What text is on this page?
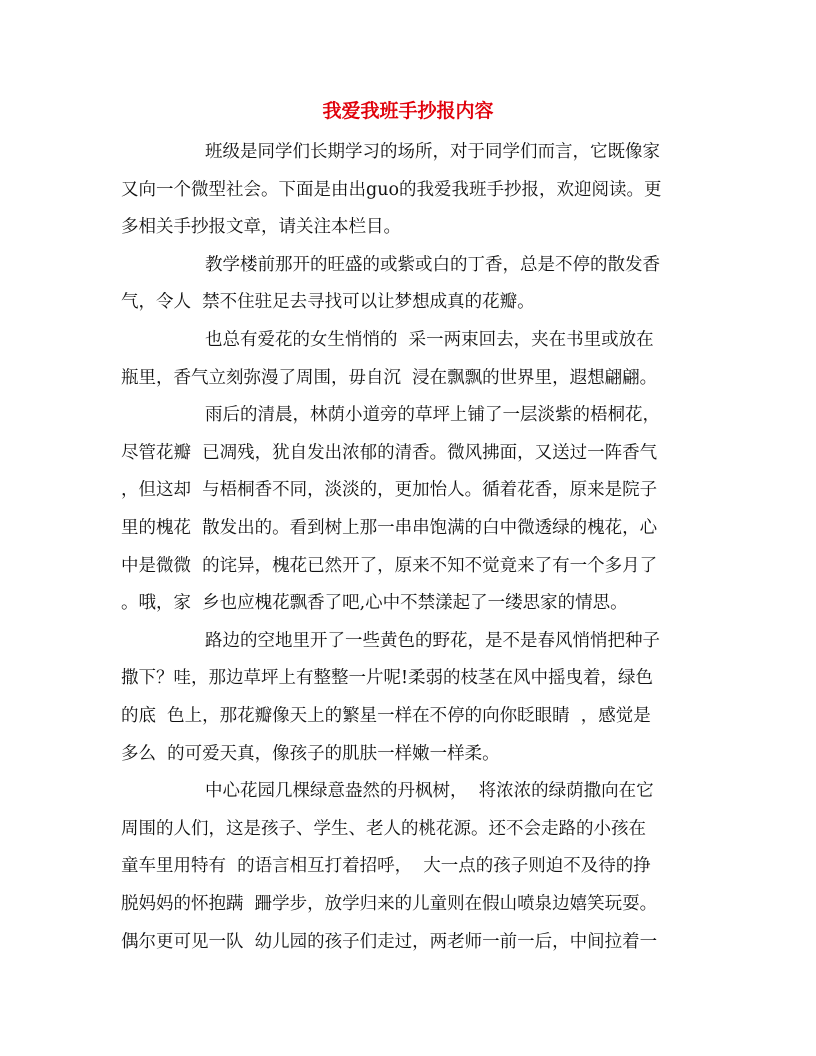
我爱我班手抄报内容
班级是同学们长期学习的场所，对于同学们而言，它既像家
又向一个微型社会。下面是由出guo的我爱我班手抄报，欢迎阅读。更
多相关手抄报文章，请关注本栏目。
教学楼前那开的旺盛的或紫或白的丁香，总是不停的散发香
气，令人  禁不住驻足去寻找可以让梦想成真的花瓣。
也总有爱花的女生悄悄的  采一两束回去，夹在书里或放在
瓶里，香气立刻弥漫了周围，毋自沉  浸在飘飘的世界里，遐想翩翩。
雨后的清晨，林荫小道旁的草坪上铺了一层淡紫的梧桐花，
尽管花瓣  已凋残，犹自发出浓郁的清香。微风拂面，又送过一阵香气
，但这却  与梧桐香不同，淡淡的，更加怡人。循着花香，原来是院子
里的槐花  散发出的。看到树上那一串串饱满的白中微透绿的槐花，心
中是微微  的诧异，槐花已然开了，原来不知不觉竟来了有一个多月了
。哦，家  乡也应槐花飘香了吧,心中不禁漾起了一缕思家的情思。
路边的空地里开了一些黄色的野花，是不是春风悄悄把种子
撒下？哇，那边草坪上有整整一片呢!柔弱的枝茎在风中摇曳着，绿色
的底  色上，那花瓣像天上的繁星一样在不停的向你眨眼睛  ，感觉是
多么  的可爱天真，像孩子的肌肤一样嫩一样柔。
中心花园几棵绿意盎然的丹枫树，  将浓浓的绿荫撒向在它
周围的人们，这是孩子、学生、老人的桃花源。还不会走路的小孩在
童车里用特有  的语言相互打着招呼，  大一点的孩子则迫不及待的挣
脱妈妈的怀抱蹒  跚学步，放学归来的儿童则在假山喷泉边嬉笑玩耍。
偶尔更可见一队  幼儿园的孩子们走过，两老师一前一后，中间拉着一
